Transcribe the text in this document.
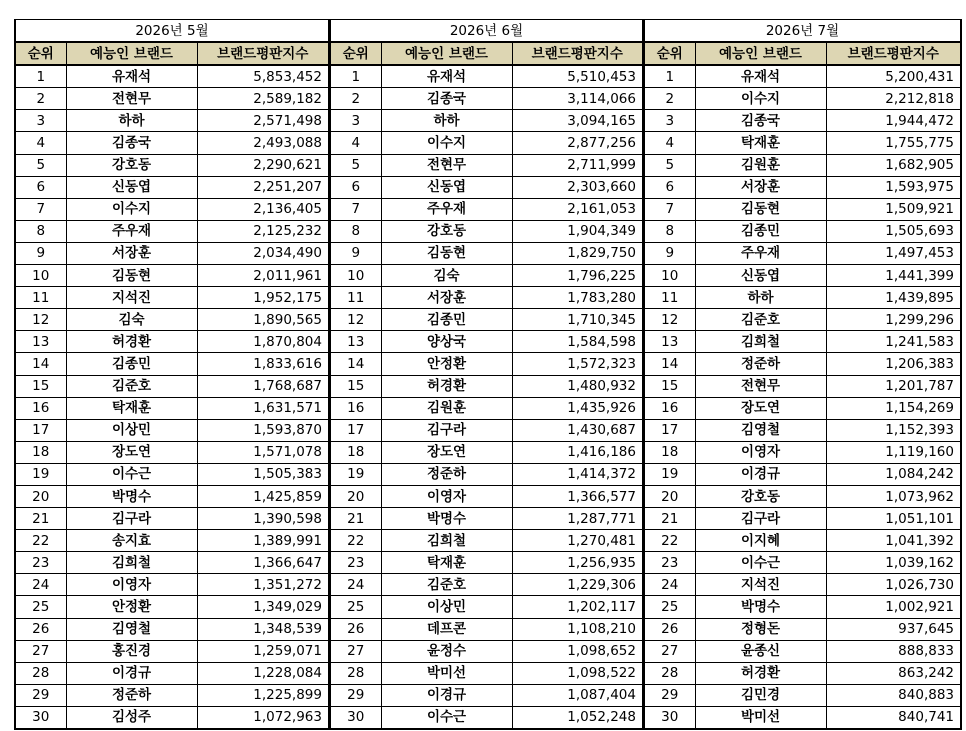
2026년 5월		
순위	예능인 브랜드	브랜드평판지수
1	유재석	5,853,452
2	전현무	2,589,182
3	하하	2,571,498
4	김종국	2,493,088
5	강호동	2,290,621
6	신동엽	2,251,207
7	이수지	2,136,405
8	주우재	2,125,232
9	서장훈	2,034,490
10	김동현	2,011,961
11	지석진	1,952,175
12	김숙	1,890,565
13	허경환	1,870,804
14	김종민	1,833,616
15	김준호	1,768,687
16	탁재훈	1,631,571
17	이상민	1,593,870
18	장도연	1,571,078
19	이수근	1,505,383
20	박명수	1,425,859
21	김구라	1,390,598
22	송지효	1,389,991
23	김희철	1,366,647
24	이영자	1,351,272
25	안정환	1,349,029
26	김영철	1,348,539
27	홍진경	1,259,071
28	이경규	1,228,084
29	정준하	1,225,899
30	김성주	1,072,963
2026년 6월		
순위	예능인 브랜드	브랜드평판지수
1	유재석	5,510,453
2	김종국	3,114,066
3	하하	3,094,165
4	이수지	2,877,256
5	전현무	2,711,999
6	신동엽	2,303,660
7	주우재	2,161,053
8	강호동	1,904,349
9	김동현	1,829,750
10	김숙	1,796,225
11	서장훈	1,783,280
12	김종민	1,710,345
13	양상국	1,584,598
14	안정환	1,572,323
15	허경환	1,480,932
16	김원훈	1,435,926
17	김구라	1,430,687
18	장도연	1,416,186
19	정준하	1,414,372
20	이영자	1,366,577
21	박명수	1,287,771
22	김희철	1,270,481
23	탁재훈	1,256,935
24	김준호	1,229,306
25	이상민	1,202,117
26	데프콘	1,108,210
27	윤정수	1,098,652
28	박미선	1,098,522
29	이경규	1,087,404
30	이수근	1,052,248
2026년 7월		
순위	예능인 브랜드	브랜드평판지수
1	유재석	5,200,431
2	이수지	2,212,818
3	김종국	1,944,472
4	탁재훈	1,755,775
5	김원훈	1,682,905
6	서장훈	1,593,975
7	김동현	1,509,921
8	김종민	1,505,693
9	주우재	1,497,453
10	신동엽	1,441,399
11	하하	1,439,895
12	김준호	1,299,296
13	김희철	1,241,583
14	정준하	1,206,383
15	전현무	1,201,787
16	장도연	1,154,269
17	김영철	1,152,393
18	이영자	1,119,160
19	이경규	1,084,242
20	강호동	1,073,962
21	김구라	1,051,101
22	이지혜	1,041,392
23	이수근	1,039,162
24	지석진	1,026,730
25	박명수	1,002,921
26	정형돈	937,645
27	윤종신	888,833
28	허경환	863,242
29	김민경	840,883
30	박미선	840,741
